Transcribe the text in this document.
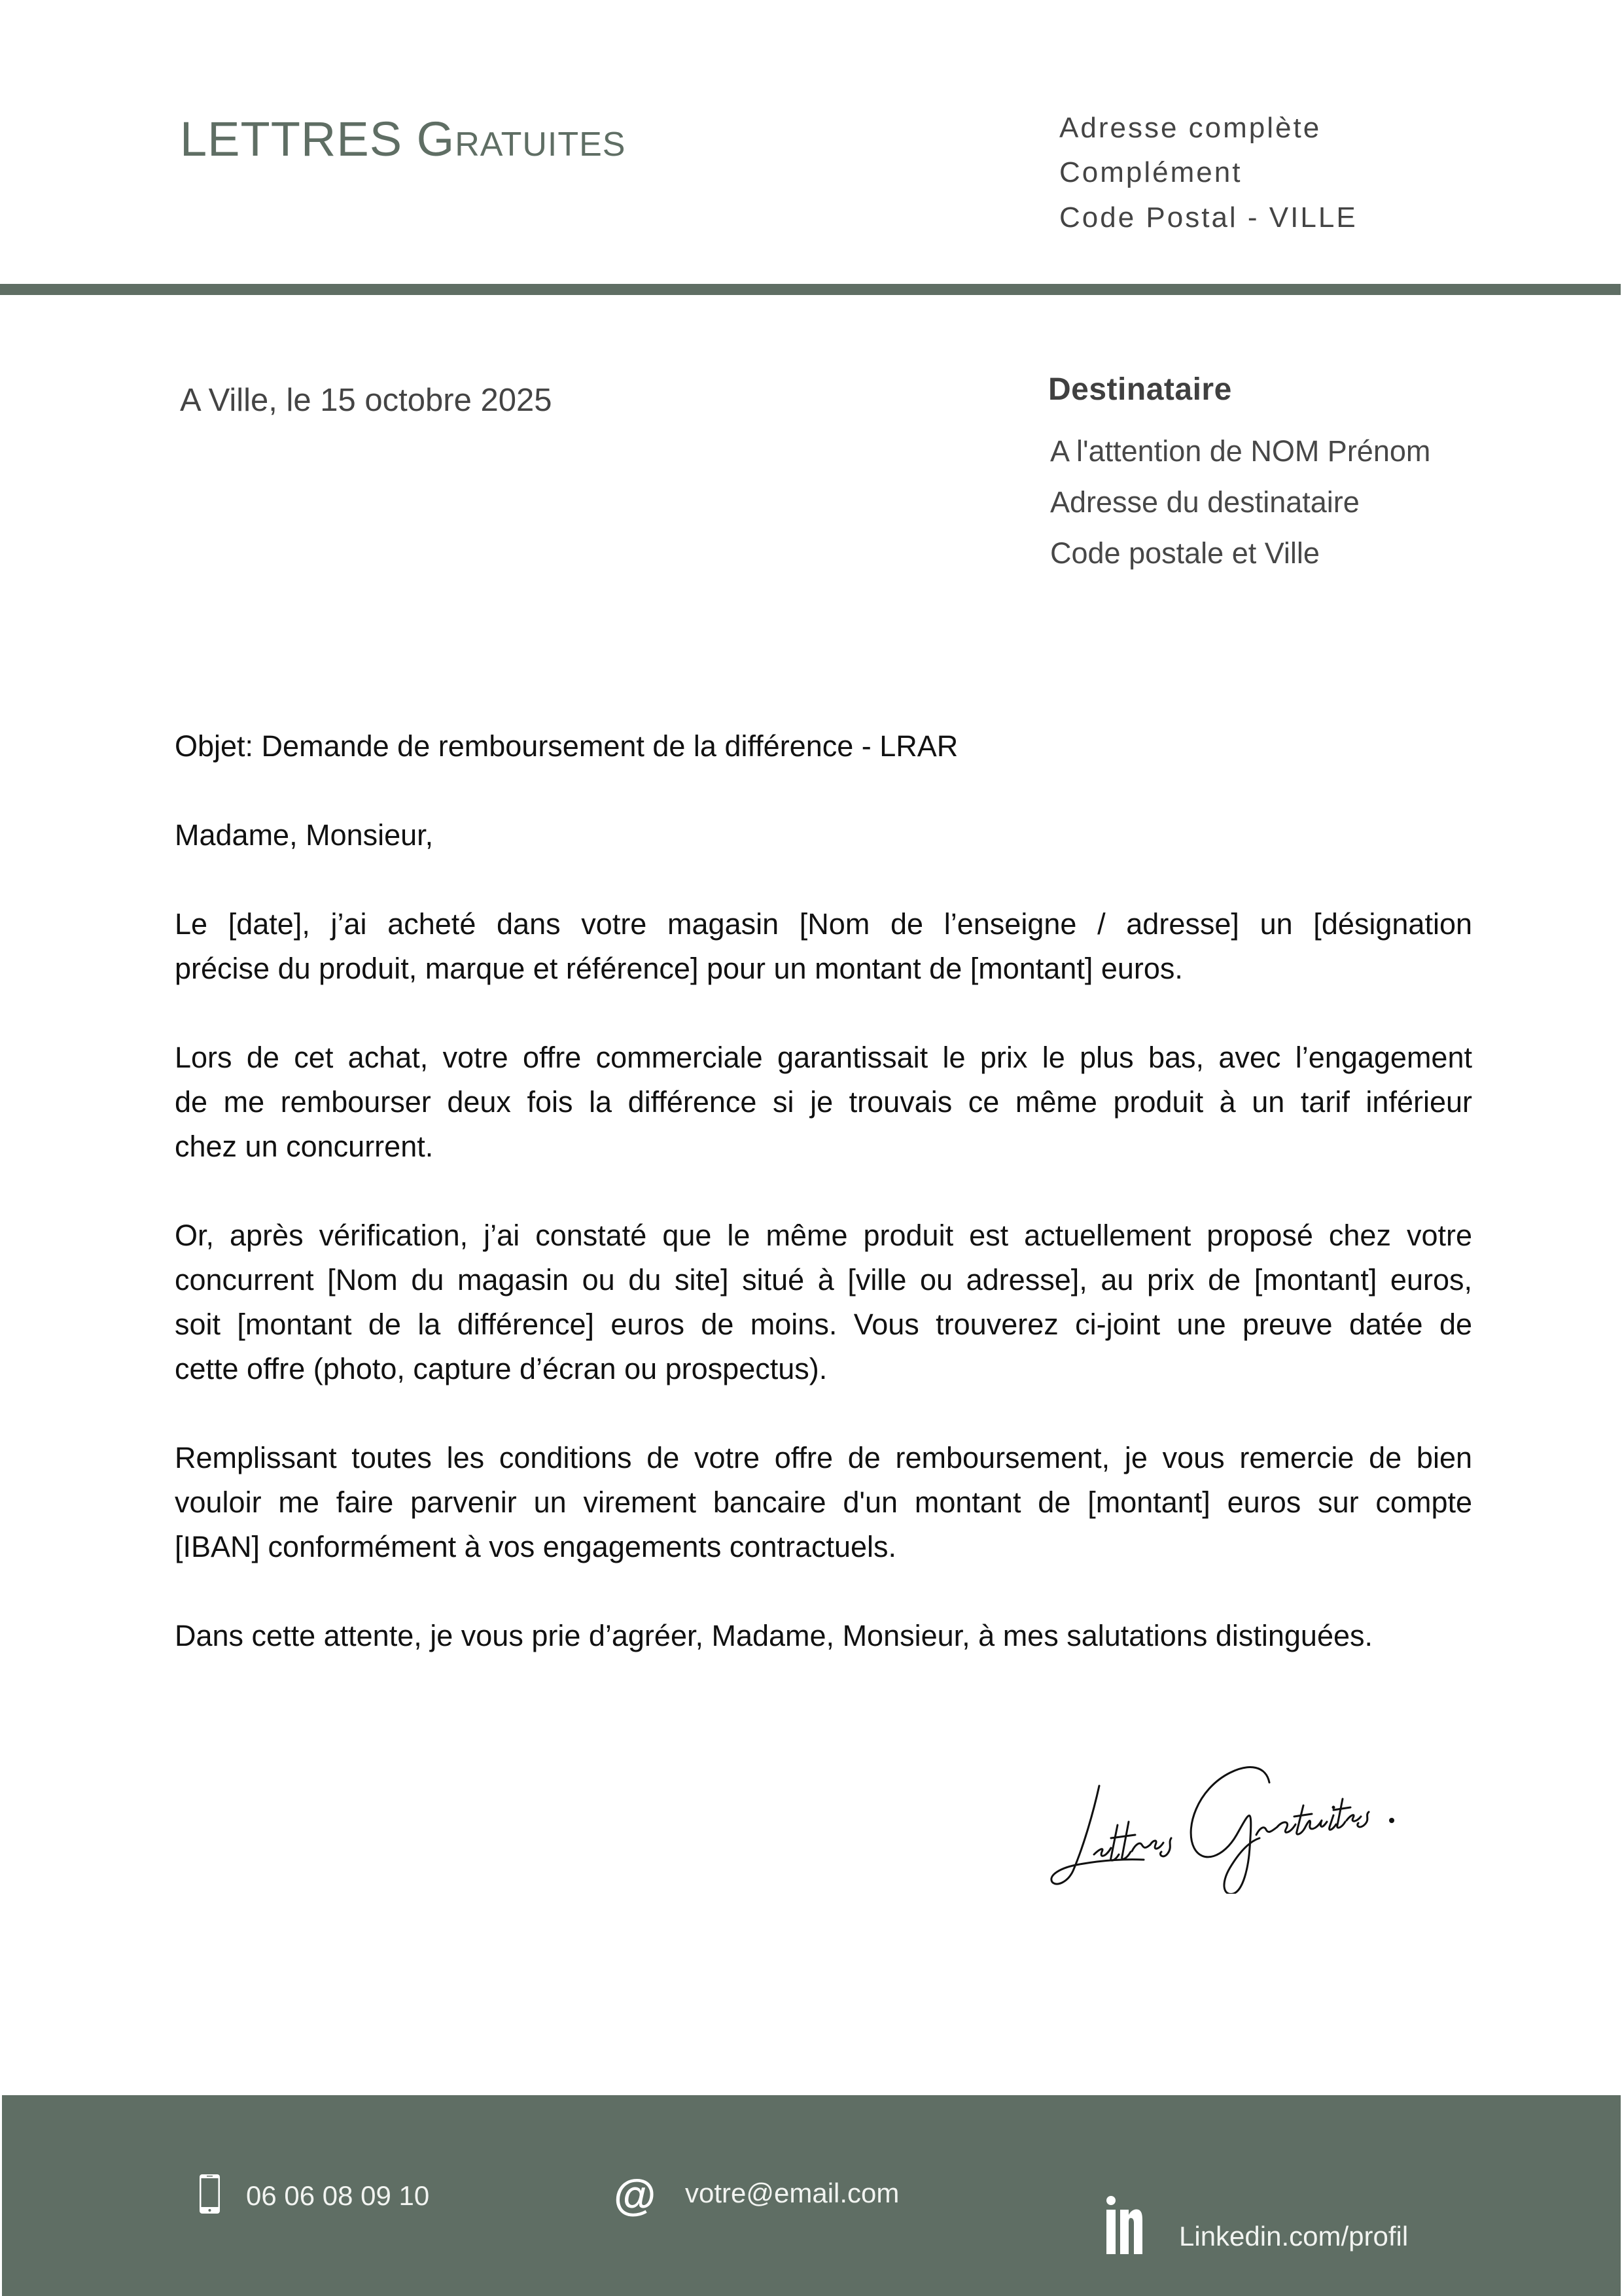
LETTRES Gratuites	Adresse complète
Complément
Code Postal - VILLE
A Ville, le 15 octobre 2025	Destinataire
A l'attention de NOM Prénom
Adresse du destinataire
Code postale et Ville
Objet: Demande de remboursement de la différence - LRAR
Madame, Monsieur,
Le [date], j’ai acheté dans votre magasin [Nom de l’enseigne / adresse] un [désignation
précise du produit, marque et référence] pour un montant de [montant] euros.
Lors de cet achat, votre offre commerciale garantissait le prix le plus bas, avec l’engagement
de me rembourser deux fois la différence si je trouvais ce même produit à un tarif inférieur
chez un concurrent.
Or, après vérification, j’ai constaté que le même produit est actuellement proposé chez votre
concurrent [Nom du magasin ou du site] situé à [ville ou adresse], au prix de [montant] euros,
soit [montant de la différence] euros de moins. Vous trouverez ci-joint une preuve datée de
cette offre (photo, capture d’écran ou prospectus).
Remplissant toutes les conditions de votre offre de remboursement, je vous remercie de bien
vouloir me faire parvenir un virement bancaire d'un montant de [montant] euros sur compte
[IBAN] conformément à vos engagements contractuels.
Dans cette attente, je vous prie d’agréer, Madame, Monsieur, à mes salutations distinguées.
06 06 08 09 10	@ votre@email.com
Linkedin.com/profil
